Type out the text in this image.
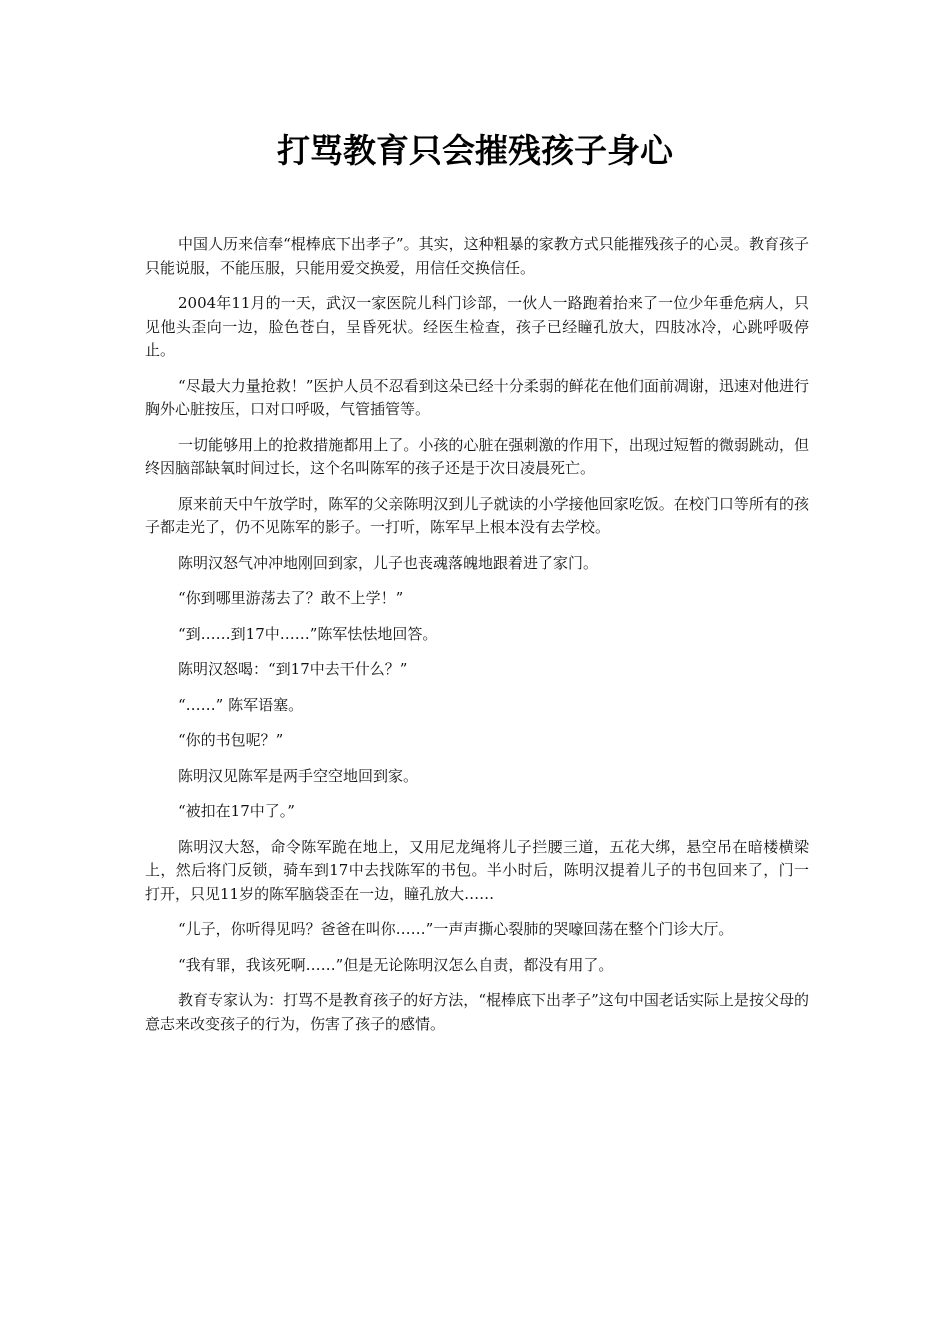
打骂教育只会摧残孩子身心

中国人历来信奉“棍棒底下出孝子”。其实，这种粗暴的家教方式只能摧残孩子的心灵。教育孩子只能说服，不能压服，只能用爱交换爱，用信任交换信任。

2004年11月的一天，武汉一家医院儿科门诊部，一伙人一路跑着抬来了一位少年垂危病人，只见他头歪向一边，脸色苍白，呈昏死状。经医生检查，孩子已经瞳孔放大，四肢冰冷，心跳呼吸停止。

“尽最大力量抢救！”医护人员不忍看到这朵已经十分柔弱的鲜花在他们面前凋谢，迅速对他进行胸外心脏按压，口对口呼吸，气管插管等。

一切能够用上的抢救措施都用上了。小孩的心脏在强刺激的作用下，出现过短暂的微弱跳动，但终因脑部缺氧时间过长，这个名叫陈军的孩子还是于次日凌晨死亡。

原来前天中午放学时，陈军的父亲陈明汉到儿子就读的小学接他回家吃饭。在校门口等所有的孩子都走光了，仍不见陈军的影子。一打听，陈军早上根本没有去学校。

陈明汉怒气冲冲地刚回到家，儿子也丧魂落魄地跟着进了家门。

“你到哪里游荡去了？敢不上学！”

“到……到17中……”陈军怯怯地回答。

陈明汉怒喝：“到17中去干什么？”

“……” 陈军语塞。

“你的书包呢？”

陈明汉见陈军是两手空空地回到家。

“被扣在17中了。”

陈明汉大怒，命令陈军跪在地上，又用尼龙绳将儿子拦腰三道，五花大绑，悬空吊在暗楼横梁上，然后将门反锁，骑车到17中去找陈军的书包。半小时后，陈明汉提着儿子的书包回来了，门一打开，只见11岁的陈军脑袋歪在一边，瞳孔放大……

“儿子，你听得见吗？爸爸在叫你……”一声声撕心裂肺的哭嚎回荡在整个门诊大厅。

“我有罪，我该死啊……”但是无论陈明汉怎么自责，都没有用了。

教育专家认为：打骂不是教育孩子的好方法，“棍棒底下出孝子”这句中国老话实际上是按父母的意志来改变孩子的行为，伤害了孩子的感情。
